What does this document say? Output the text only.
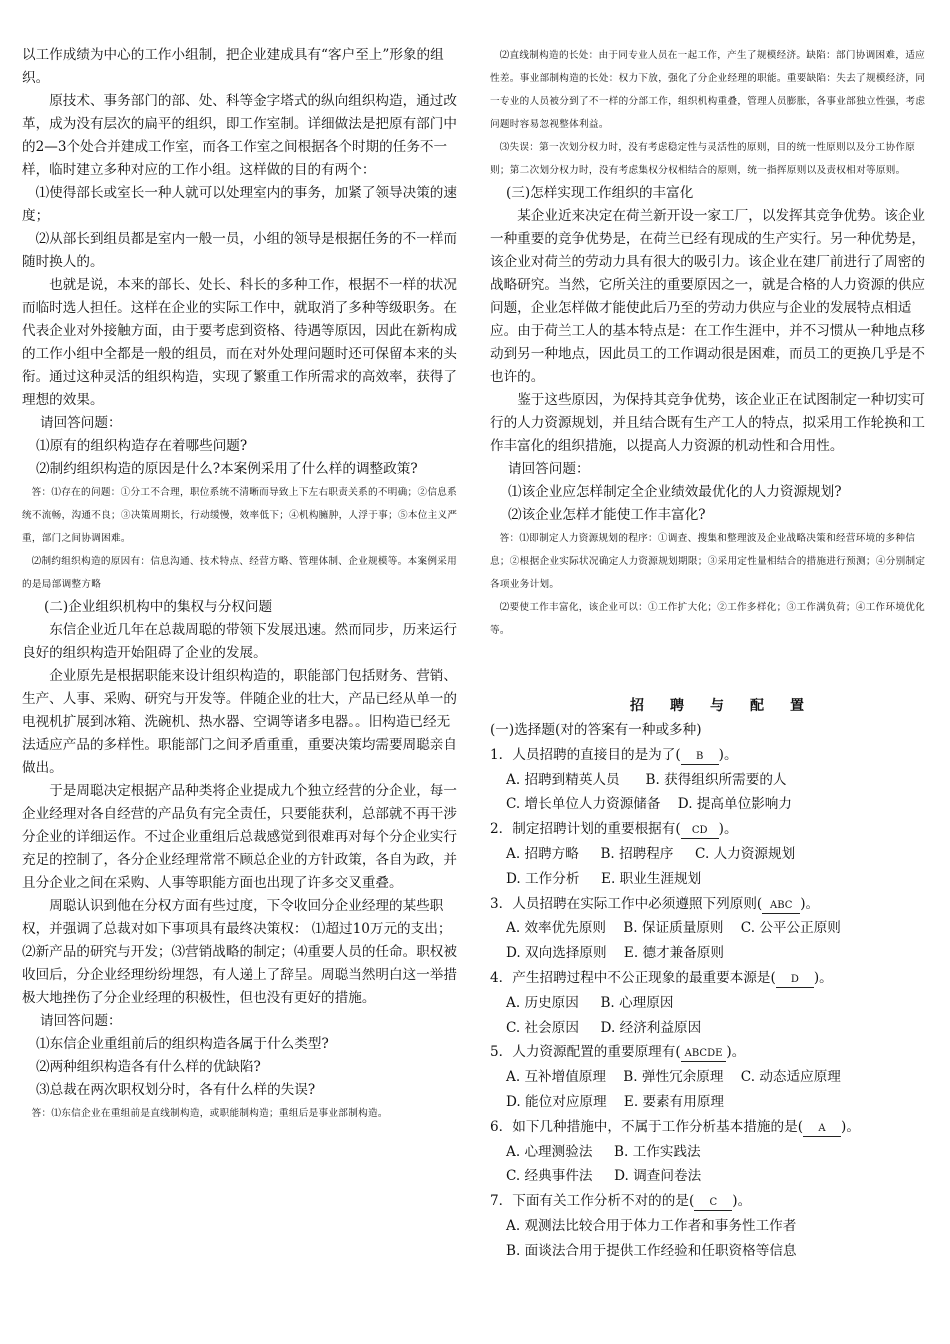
以工作成绩为中心的工作小组制，把企业建成具有“客户至上”形象的组织。

原技术、事务部门的部、处、科等金字塔式的纵向组织构造，通过改革，成为没有层次的扁平的组织，即工作室制。详细做法是把原有部门中的2—3个处合并建成工作室，而各工作室之间根据各个时期的任务不一样，临时建立多种对应的工作小组。这样做的目的有两个：

⑴使得部长或室长一种人就可以处理室内的事务，加紧了领导决策的速度；

⑵从部长到组员都是室内一般一员，小组的领导是根据任务的不一样而随时换人的。

也就是说，本来的部长、处长、科长的多种工作，根据不一样的状况而临时选人担任。这样在企业的实际工作中，就取消了多种等级职务。在代表企业对外接触方面，由于要考虑到资格、待遇等原因，因此在新构成的工作小组中全都是一般的组员，而在对外处理问题时还可保留本来的头衔。通过这种灵活的组织构造，实现了繁重工作所需求的高效率，获得了理想的效果。

请回答问题：

⑴原有的组织构造存在着哪些问题?

⑵制约组织构造的原因是什么?本案例采用了什么样的调整政策?

答：⑴存在的问题：①分工不合理，职位系统不清晰而导致上下左右职责关系的不明确；②信息系统不流畅，沟通不良；③决策周期长，行动缓慢，效率低下；④机构臃肿，人浮于事；⑤本位主义严重，部门之间协调困难。

⑵制约组织构造的原因有：信息沟通、技术特点、经营方略、管理体制、企业规模等。本案例采用的是局部调整方略

(二)企业组织机构中的集权与分权问题

东信企业近几年在总裁周聪的带领下发展迅速。然而同步，历来运行良好的组织构造开始阻碍了企业的发展。

企业原先是根据职能来设计组织构造的，职能部门包括财务、营销、生产、人事、采购、研究与开发等。伴随企业的壮大，产品已经从单一的电视机扩展到冰箱、洗碗机、热水器、空调等诸多电器。。旧构造已经无法适应产品的多样性。职能部门之间矛盾重重，重要决策均需要周聪亲自做出。

于是周聪决定根据产品种类将企业提成九个独立经营的分企业，每一企业经理对各自经营的产品负有完全责任，只要能获利，总部就不再干涉分企业的详细运作。不过企业重组后总裁感觉到很难再对每个分企业实行充足的控制了，各分企业经理常常不顾总企业的方针政策，各自为政，并且分企业之间在采购、人事等职能方面也出现了许多交叉重叠。

周聪认识到他在分权方面有些过度，下令收回分企业经理的某些职权，并强调了总裁对如下事项具有最终决策权： ⑴超过10万元的支出； ⑵新产品的研究与开发；⑶营销战略的制定；⑷重要人员的任命。职权被收回后，分企业经理纷纷埋怨，有人递上了辞呈。周聪当然明白这一举措极大地挫伤了分企业经理的积极性，但也没有更好的措施。

请回答问题：

⑴东信企业重组前后的组织构造各属于什么类型?

⑵两种组织构造各有什么样的优缺陷?

⑶总裁在两次职权划分时，各有什么样的失误?

答：⑴东信企业在重组前是直线制构造，或职能制构造；重组后是事业部制构造。

⑵直线制构造的长处：由于同专业人员在一起工作，产生了规模经济。缺陷：部门协调困难，适应性差。事业部制构造的长处：权力下放，强化了分企业经理的职能。重要缺陷：失去了规模经济，同一专业的人员被分到了不一样的分部工作，组织机构重叠，管理人员膨胀，各事业部独立性强，考虑问题时容易忽视整体利益。

⑶失误：第一次划分权力时，没有考虑稳定性与灵活性的原则，目的统一性原则以及分工协作原则；第二次划分权力时，没有考虑集权分权相结合的原则，统一指挥原则以及责权相对等原则。

(三)怎样实现工作组织的丰富化

某企业近来决定在荷兰新开设一家工厂，以发挥其竞争优势。该企业一种重要的竞争优势是，在荷兰已经有现成的生产实行。另一种优势是，该企业对荷兰的劳动力具有很大的吸引力。该企业在建厂前进行了周密的战略研究。当然，它所关注的重要原因之一，就是合格的人力资源的供应问题，企业怎样做才能使此后乃至的劳动力供应与企业的发展特点相适应。由于荷兰工人的基本特点是：在工作生涯中，并不习惯从一种地点移动到另一种地点，因此员工的工作调动很是困难，而员工的更换几乎是不也许的。

鉴于这些原因，为保持其竞争优势，该企业正在试图制定一种切实可行的人力资源规划，并且结合既有生产工人的特点，拟采用工作轮换和工作丰富化的组织措施，以提高人力资源的机动性和合用性。

请回答问题：

⑴该企业应怎样制定全企业绩效最优化的人力资源规划?

⑵该企业怎样才能使工作丰富化?

答：⑴即制定人力资源规划的程序：①调查、搜集和整理波及企业战略决策和经营环境的多种信息；②根据企业实际状况确定人力资源规划期限；③采用定性量相结合的措施进行预测；④分别制定各项业务计划。

⑵要使工作丰富化，该企业可以：①工作扩大化；②工作多样化；③工作满负荷；④工作环境优化等。

招聘与配置

(一)选择题(对的答案有一种或多种)

1．人员招聘的直接目的是为了( B )。

A. 招聘到精英人员      B. 获得组织所需要的人

C. 增长单位人力资源储备    D. 提高单位影响力

2．制定招聘计划的重要根据有( CD )。

A. 招聘方略     B. 招聘程序     C. 人力资源规划

D. 工作分析     E. 职业生涯规划

3．人员招聘在实际工作中必须遵照下列原则( ABC )。

A. 效率优先原则    B. 保证质量原则    C. 公平公正原则

D. 双向选择原则    E. 德才兼备原则

4．产生招聘过程中不公正现象的最重要本源是( D )。

A. 历史原因     B. 心理原因

C. 社会原因     D. 经济利益原因

5．人力资源配置的重要原理有( ABCDE )。

A. 互补增值原理    B. 弹性冗余原理    C. 动态适应原理

D. 能位对应原理    E. 要素有用原理

6．如下几种措施中，不属于工作分析基本措施的是( A )。

A. 心理测验法     B. 工作实践法

C. 经典事件法     D. 调查问卷法

7．下面有关工作分析不对的的是( C )。

A. 观测法比较合用于体力工作者和事务性工作者

B. 面谈法合用于提供工作经验和任职资格等信息
